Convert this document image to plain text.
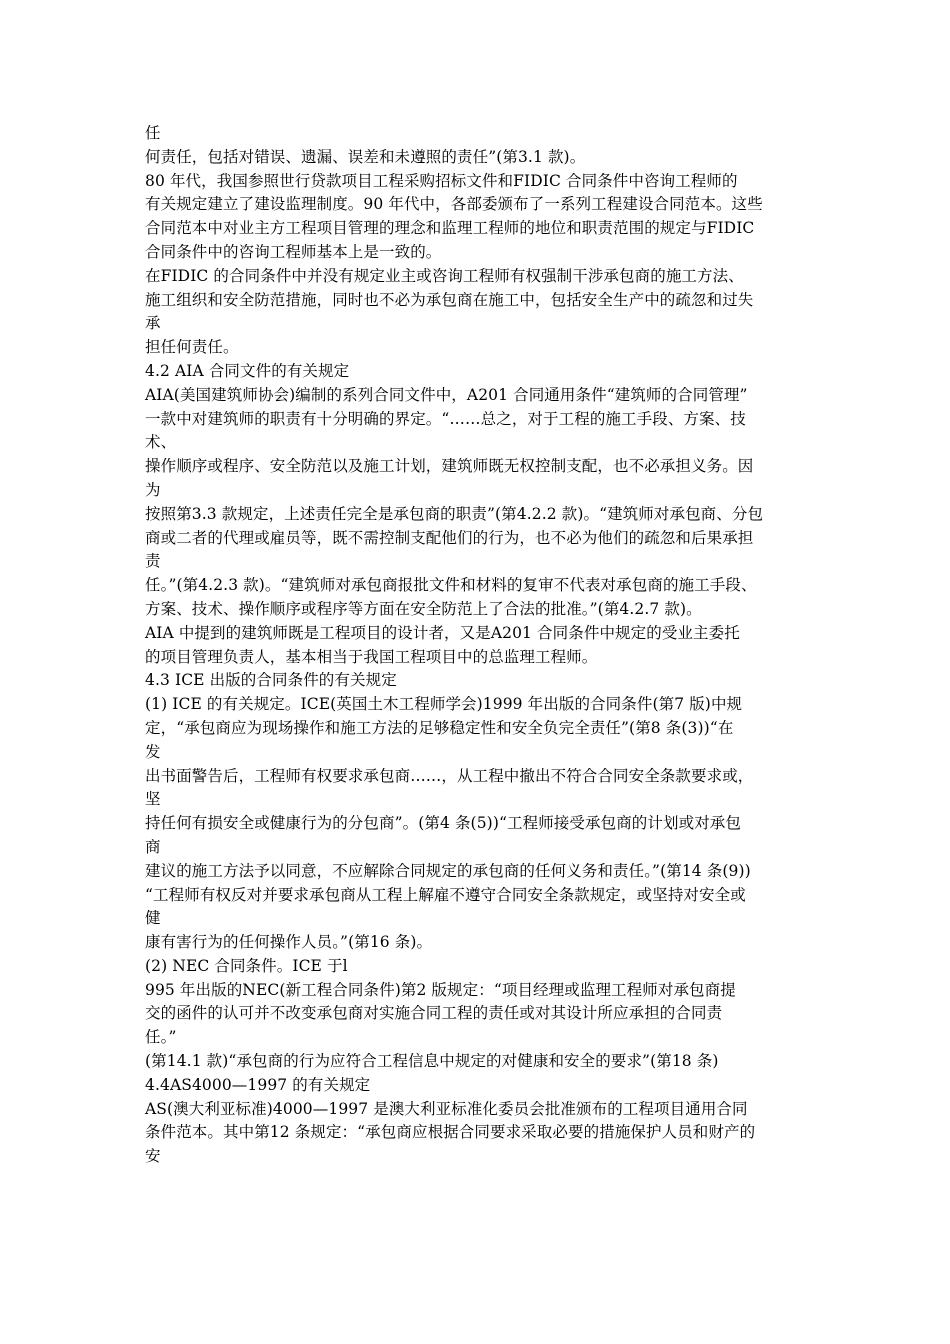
任
何责任，包括对错误、遗漏、误差和未遵照的责任”(第3.1 款)。
80 年代，我国参照世行贷款项目工程采购招标文件和FIDIC 合同条件中咨询工程师的
有关规定建立了建设监理制度。90 年代中，各部委颁布了一系列工程建设合同范本。这些
合同范本中对业主方工程项目管理的理念和监理工程师的地位和职责范围的规定与FIDIC
合同条件中的咨询工程师基本上是一致的。
在FIDIC 的合同条件中并没有规定业主或咨询工程师有权强制干涉承包商的施工方法、
施工组织和安全防范措施，同时也不必为承包商在施工中，包括安全生产中的疏忽和过失
承
担任何责任。
4.2 AIA 合同文件的有关规定
AIA(美国建筑师协会)编制的系列合同文件中，A201 合同通用条件“建筑师的合同管理”
一款中对建筑师的职责有十分明确的界定。“……总之，对于工程的施工手段、方案、技
术、
操作顺序或程序、安全防范以及施工计划，建筑师既无权控制支配，也不必承担义务。因
为
按照第3.3 款规定，上述责任完全是承包商的职责”(第4.2.2 款)。“建筑师对承包商、分包
商或二者的代理或雇员等，既不需控制支配他们的行为，也不必为他们的疏忽和后果承担
责
任。”(第4.2.3 款)。“建筑师对承包商报批文件和材料的复审不代表对承包商的施工手段、
方案、技术、操作顺序或程序等方面在安全防范上了合法的批准。”(第4.2.7 款)。
AIA 中提到的建筑师既是工程项目的设计者，又是A201 合同条件中规定的受业主委托
的项目管理负责人，基本相当于我国工程项目中的总监理工程师。
4.3 ICE 出版的合同条件的有关规定
(1) ICE 的有关规定。ICE(英国土木工程师学会)1999 年出版的合同条件(第7 版)中规
定，“承包商应为现场操作和施工方法的足够稳定性和安全负完全责任”(第8 条(3))“在
发
出书面警告后，工程师有权要求承包商……，从工程中撤出不符合合同安全条款要求或，
坚
持任何有损安全或健康行为的分包商”。(第4 条(5))“工程师接受承包商的计划或对承包
商
建议的施工方法予以同意，不应解除合同规定的承包商的任何义务和责任。”(第14 条(9))
“工程师有权反对并要求承包商从工程上解雇不遵守合同安全条款规定，或坚持对安全或
健
康有害行为的任何操作人员。”(第16 条)。
(2) NEC 合同条件。ICE 于l
995 年出版的NEC(新工程合同条件)第2 版规定：“项目经理或监理工程师对承包商提
交的函件的认可并不改变承包商对实施合同工程的责任或对其设计所应承担的合同责
任。”
(第14.1 款)“承包商的行为应符合工程信息中规定的对健康和安全的要求”(第18 条)
4.4AS4000—1997 的有关规定
AS(澳大利亚标准)4000—1997 是澳大利亚标准化委员会批准颁布的工程项目通用合同
条件范本。其中第12 条规定：“承包商应根据合同要求采取必要的措施保护人员和财产的
安
